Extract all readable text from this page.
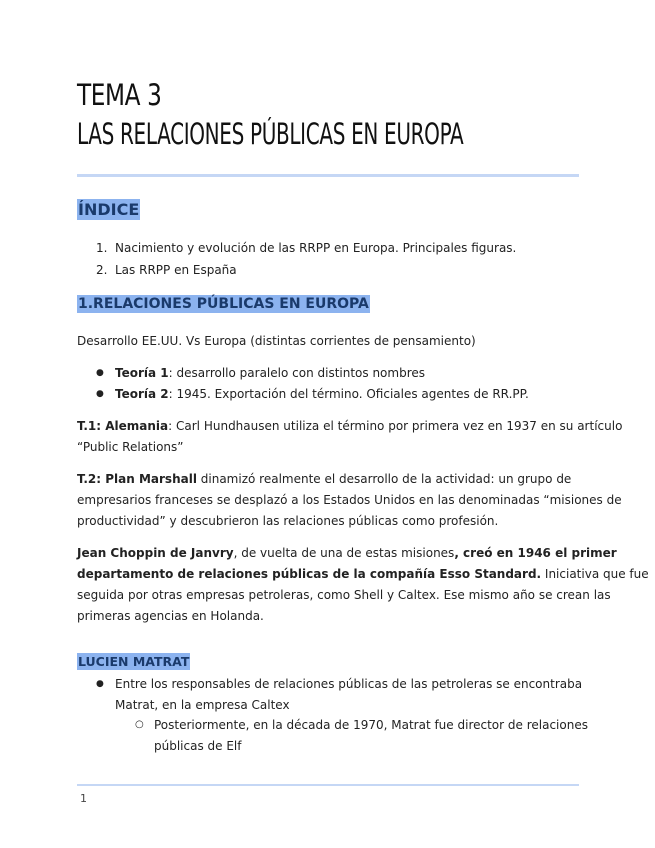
TEMA 3
LAS RELACIONES PÚBLICAS EN EUROPA
ÍNDICE
1. Nacimiento y evolución de las RRPP en Europa. Principales figuras.

2. Las RRPP en España

1.RELACIONES PÚBLICAS EN EUROPA

Desarrollo EE.UU. Vs Europa (distintas corrientes de pensamiento)

● Teoría 1: desarrollo paralelo con distintos nombres

● Teoría 2: 1945. Exportación del término. Oficiales agentes de RR.PP.

T.1: Alemania: Carl Hundhausen utiliza el término por primera vez en 1937 en su artículo

“Public Relations”

T.2: Plan Marshall dinamizó realmente el desarrollo de la actividad: un grupo de

empresarios franceses se desplazó a los Estados Unidos en las denominadas “misiones de

productividad” y descubrieron las relaciones públicas como profesión.

Jean Choppin de Janvry, de vuelta de una de estas misiones, creó en 1946 el primer

departamento de relaciones públicas de la compañía Esso Standard. Iniciativa que fue

seguida por otras empresas petroleras, como Shell y Caltex. Ese mismo año se crean las

primeras agencias en Holanda.

LUCIEN MATRAT
● Entre los responsables de relaciones públicas de las petroleras se encontraba

Matrat, en la empresa Caltex

○ Posteriormente, en la década de 1970, Matrat fue director de relaciones

públicas de Elf

1
